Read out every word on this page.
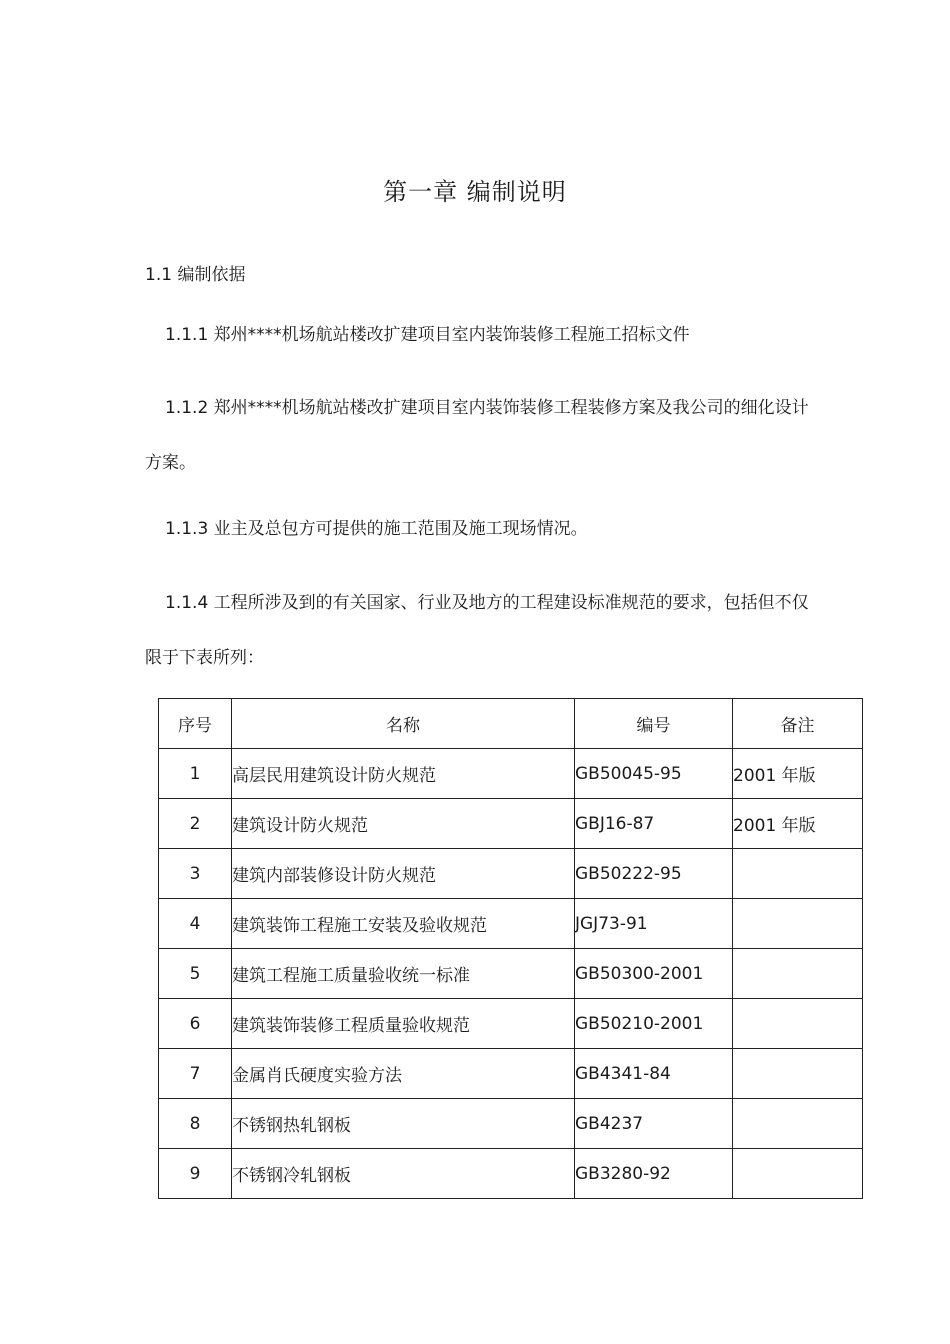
第一章 编制说明
1.1 编制依据

1.1.1 郑州****机场航站楼改扩建项目室内装饰装修工程施工招标文件

1.1.2 郑州****机场航站楼改扩建项目室内装饰装修工程装修方案及我公司的细化设计方案。

1.1.3 业主及总包方可提供的施工范围及施工现场情况。

1.1.4 工程所涉及到的有关国家、行业及地方的工程建设标准规范的要求，包括但不仅限于下表所列：

序号	名称	编号	备注
1	高层民用建筑设计防火规范	GB50045-95	2001 年版
2	建筑设计防火规范	GBJ16-87	2001 年版
3	建筑内部装修设计防火规范	GB50222-95	
4	建筑装饰工程施工安装及验收规范	JGJ73-91	
5	建筑工程施工质量验收统一标准	GB50300-2001	
6	建筑装饰装修工程质量验收规范	GB50210-2001	
7	金属肖氏硬度实验方法	GB4341-84	
8	不锈钢热轧钢板	GB4237	
9	不锈钢冷轧钢板	GB3280-92	
